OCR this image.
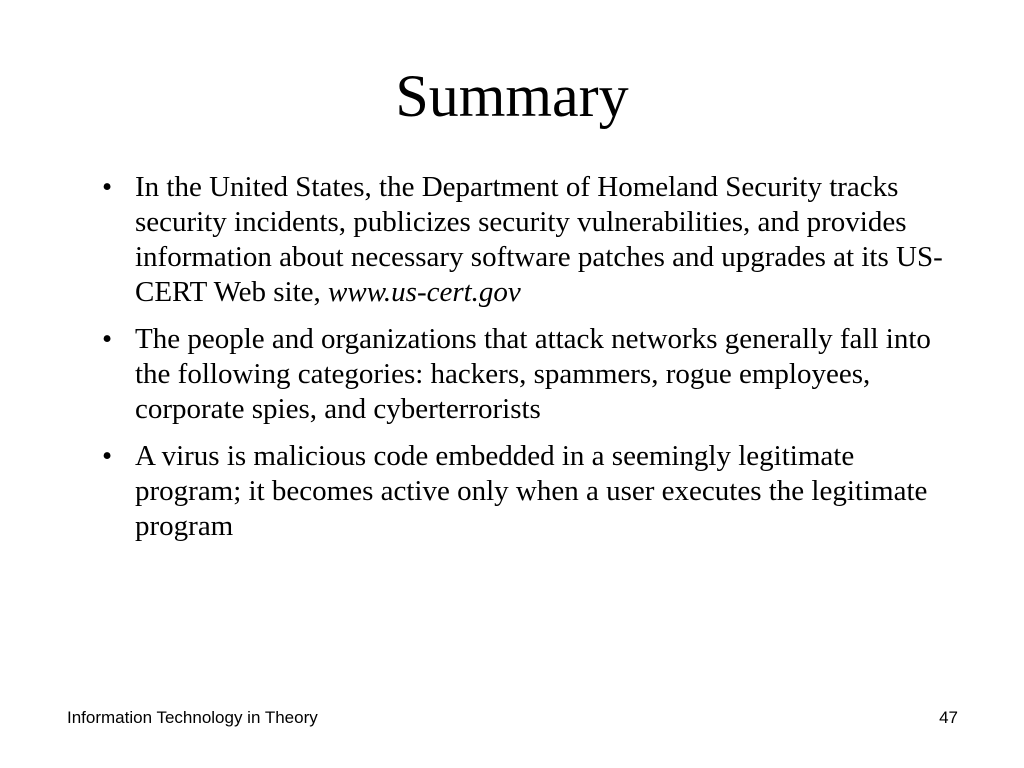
Summary
• In the United States, the Department of Homeland Security tracks security incidents, publicizes security vulnerabilities, and provides information about necessary software patches and upgrades at its US-CERT Web site, www.us-cert.gov
• The people and organizations that attack networks generally fall into the following categories: hackers, spammers, rogue employees, corporate spies, and cyberterrorists
• A virus is malicious code embedded in a seemingly legitimate program; it becomes active only when a user executes the legitimate program
Information Technology in Theory	47
